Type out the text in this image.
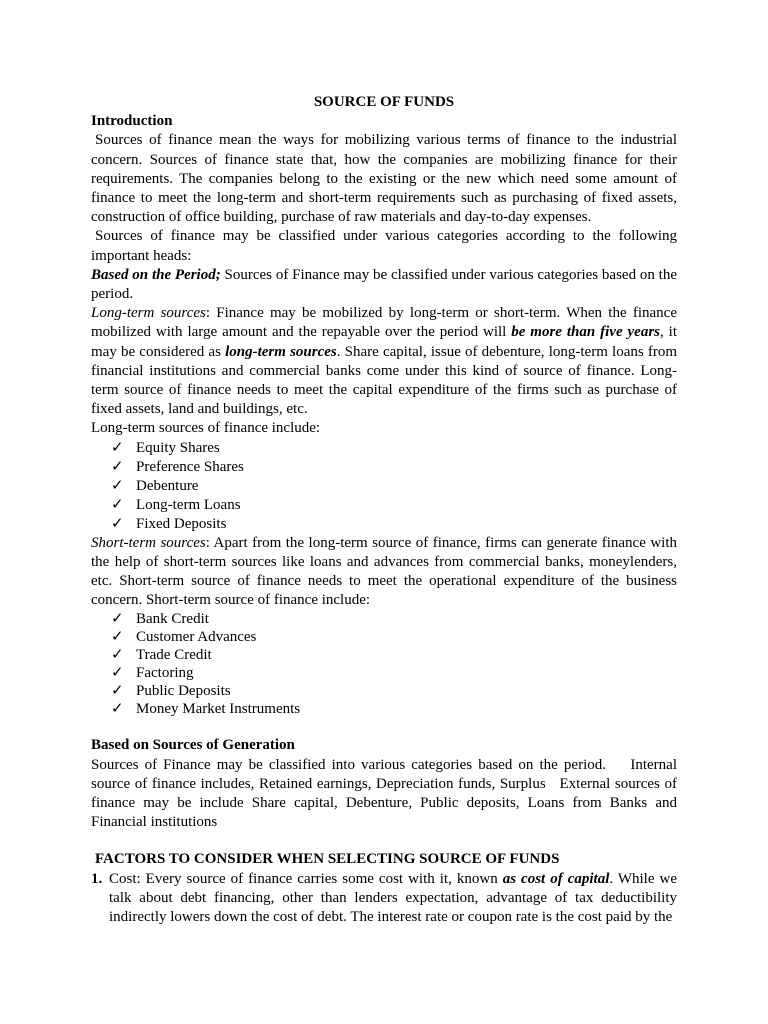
SOURCE OF FUNDS

Introduction

Sources of finance mean the ways for mobilizing various terms of finance to the industrial concern. Sources of finance state that, how the companies are mobilizing finance for their requirements. The companies belong to the existing or the new which need some amount of finance to meet the long-term and short-term requirements such as purchasing of fixed assets, construction of office building, purchase of raw materials and day-to-day expenses.

Sources of finance may be classified under various categories according to the following important heads:

Based on the Period; Sources of Finance may be classified under various categories based on the period.

Long-term sources: Finance may be mobilized by long-term or short-term. When the finance mobilized with large amount and the repayable over the period will be more than five years, it may be considered as long-term sources. Share capital, issue of debenture, long-term loans from financial institutions and commercial banks come under this kind of source of finance. Long-term source of finance needs to meet the capital expenditure of the firms such as purchase of fixed assets, land and buildings, etc.

Long-term sources of finance include:

✓ Equity Shares
✓ Preference Shares
✓ Debenture
✓ Long-term Loans
✓ Fixed Deposits

Short-term sources: Apart from the long-term source of finance, firms can generate finance with the help of short-term sources like loans and advances from commercial banks, moneylenders, etc. Short-term source of finance needs to meet the operational expenditure of the business concern. Short-term source of finance include:

✓ Bank Credit
✓ Customer Advances
✓ Trade Credit
✓ Factoring
✓ Public Deposits
✓ Money Market Instruments

Based on Sources of Generation

Sources of Finance may be classified into various categories based on the period.    Internal source of finance includes, Retained earnings, Depreciation funds, Surplus   External sources of finance may be include Share capital, Debenture, Public deposits, Loans from Banks and Financial institutions

FACTORS TO CONSIDER WHEN SELECTING SOURCE OF FUNDS

1. Cost: Every source of finance carries some cost with it, known as cost of capital. While we talk about debt financing, other than lenders expectation, advantage of tax deductibility indirectly lowers down the cost of debt. The interest rate or coupon rate is the cost paid by the
